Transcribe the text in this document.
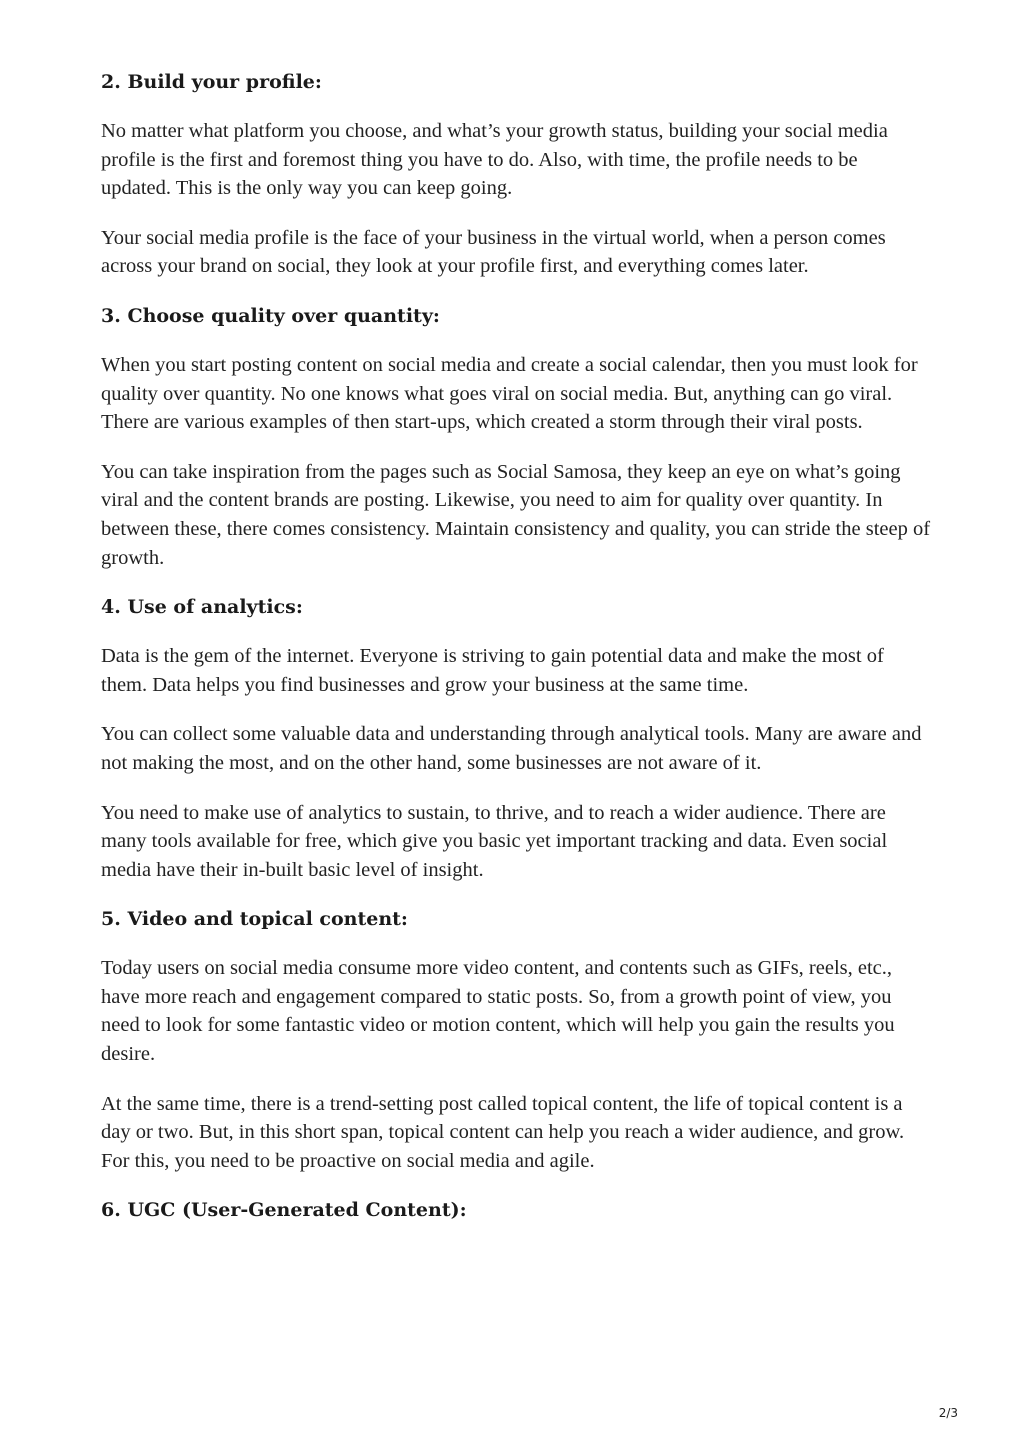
2. Build your profile:

No matter what platform you choose, and what’s your growth status, building your social media profile is the first and foremost thing you have to do. Also, with time, the profile needs to be updated. This is the only way you can keep going.

Your social media profile is the face of your business in the virtual world, when a person comes across your brand on social, they look at your profile first, and everything comes later.

3. Choose quality over quantity:

When you start posting content on social media and create a social calendar, then you must look for quality over quantity. No one knows what goes viral on social media. But, anything can go viral. There are various examples of then start-ups, which created a storm through their viral posts.

You can take inspiration from the pages such as Social Samosa, they keep an eye on what’s going viral and the content brands are posting. Likewise, you need to aim for quality over quantity. In between these, there comes consistency. Maintain consistency and quality, you can stride the steep of growth.

4. Use of analytics:

Data is the gem of the internet. Everyone is striving to gain potential data and make the most of them. Data helps you find businesses and grow your business at the same time.

You can collect some valuable data and understanding through analytical tools. Many are aware and not making the most, and on the other hand, some businesses are not aware of it.

You need to make use of analytics to sustain, to thrive, and to reach a wider audience. There are many tools available for free, which give you basic yet important tracking and data. Even social media have their in-built basic level of insight.

5. Video and topical content:

Today users on social media consume more video content, and contents such as GIFs, reels, etc., have more reach and engagement compared to static posts. So, from a growth point of view, you need to look for some fantastic video or motion content, which will help you gain the results you desire.

At the same time, there is a trend-setting post called topical content, the life of topical content is a day or two. But, in this short span, topical content can help you reach a wider audience, and grow. For this, you need to be proactive on social media and agile.

6. UGC (User-Generated Content):
2/3
